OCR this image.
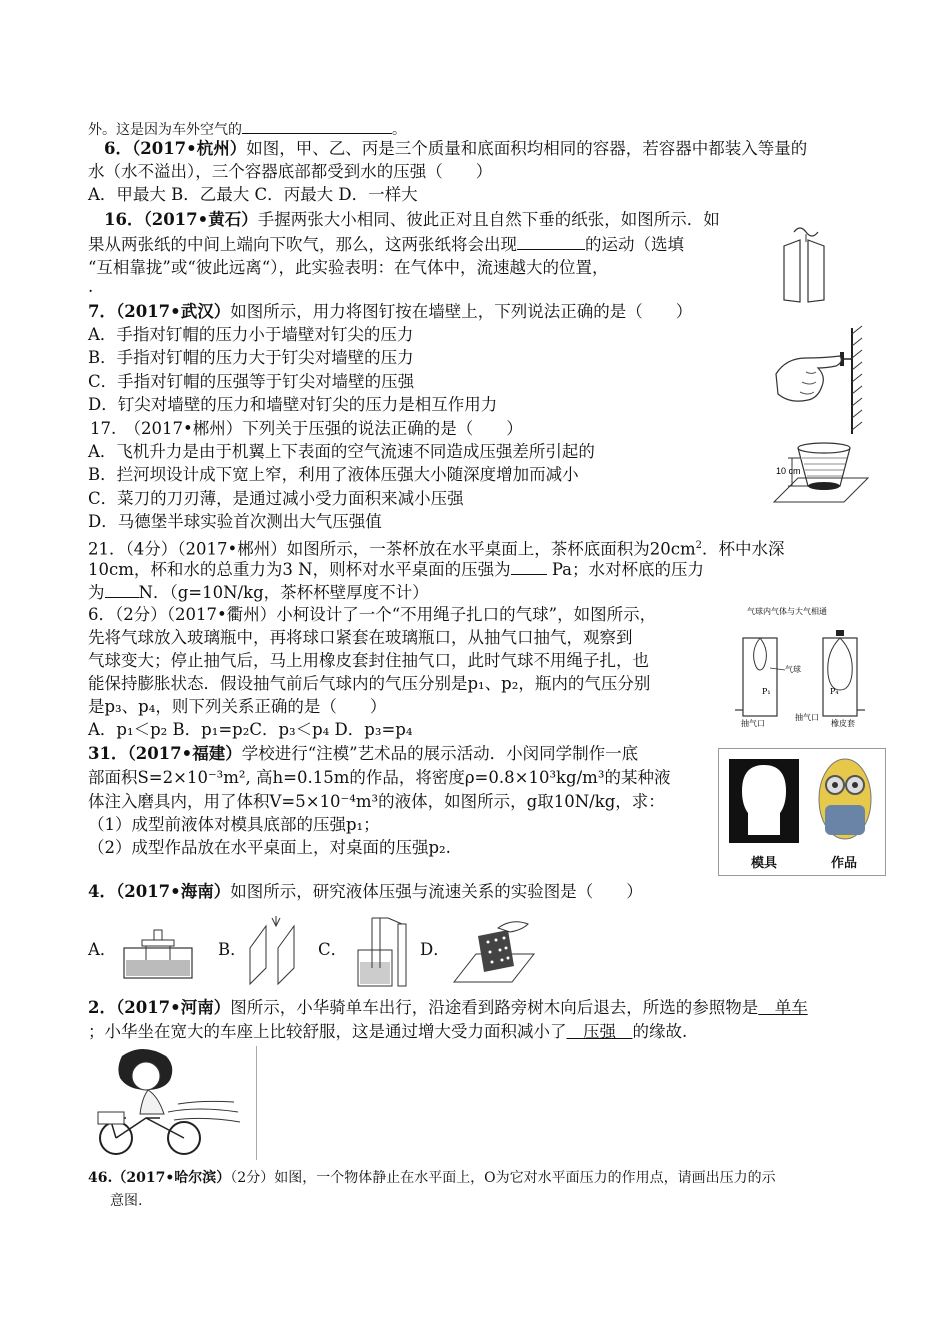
外。这是因为车外空气的	。
6．（2017•杭州）如图，甲、乙、丙是三个质量和底面积均相同的容器，若容器中都装入等量的
水（水不溢出），三个容器底部都受到水的压强（　　）
A．甲最大 B．乙最大 C．丙最大 D．一样大
16．（2017•黄石）手握两张大小相同、彼此正对且自然下垂的纸张，如图所示．如
果从两张纸的中间上端向下吹气，那么，这两张纸将会出现	的运动（选填
“互相靠拢”或“彼此远离“），此实验表明：在气体中，流速越大的位置，
.
7．（2017•武汉）如图所示，用力将图钉按在墙壁上，下列说法正确的是（　　）
A．手指对钉帽的压力小于墙壁对钉尖的压力
B．手指对钉帽的压力大于钉尖对墙壁的压力
C．手指对钉帽的压强等于钉尖对墙壁的压强
D．钉尖对墙壁的压力和墙壁对钉尖的压力是相互作用力
17.　（2017•郴州）下列关于压强的说法正确的是（　　）
A．飞机升力是由于机翼上下表面的空气流速不同造成压强差所引起的
B．拦河坝设计成下宽上窄，利用了液体压强大小随深度增加而减小
C．菜刀的刀刃薄，是通过减小受力面积来减小压强
D．马德堡半球实验首次测出大气压强值
10 cm
21．（4分）（2017•郴州）如图所示，一茶杯放在水平桌面上，茶杯底面积为$20cm^2$．杯中水深
10cm，杯和水的总重力为3 N，则杯对水平桌面的压强为 Pa；水对杯底的压力
为 N．（g=10N/kg，茶杯杯壁厚度不计）
6．（2分）（2017•衢州）小柯设计了一个“不用绳子扎口的气球”，如图所示，
先将气球放入玻璃瓶中，再将球口紧套在玻璃瓶口，从抽气口抽气，观察到
气球变大；停止抽气后，马上用橡皮套封住抽气口，此时气球不用绳子扎，也
能保持膨胀状态．假设抽气前后气球内的气压分别是p₁、p₂，瓶内的气压分别
是p₃、p₄，则下列关系正确的是（　　）
A．p₁＜p₂ B．p₁=p₂C．p₃＜p₄ D．p₃=p₄
气球内气体与大气相通
P₁	P₄
气球
抽气口
抽气口
橡皮套
31．（2017•福建）学校进行“注模”艺术品的展示活动．小闵同学制作一底
部面积S=2×10⁻³m², 高h=0.15m的作品，将密度ρ=0.8×10³kg/m³的某种液
体注入磨具内，用了体积V=5×10⁻⁴m³的液体，如图所示，g取10N/kg，求：
（1）成型前液体对模具底部的压强p₁；
（2）成型作品放在水平桌面上，对桌面的压强p₂.
模具	作品
4．（2017•海南）如图所示，研究液体压强与流速关系的实验图是（　　）
A．	B．	C．	D．
2．（2017•河南）图所示，小华骑单车出行，沿途看到路旁树木向后退去，所选的参照物是　单车
；小华坐在宽大的车座上比较舒服，这是通过增大受力面积减小了　压强　的缘故.
46.（2017•哈尔滨）（2分）如图，一个物体静止在水平面上，O为它对水平面压力的作用点，请画出压力的示
意图.
